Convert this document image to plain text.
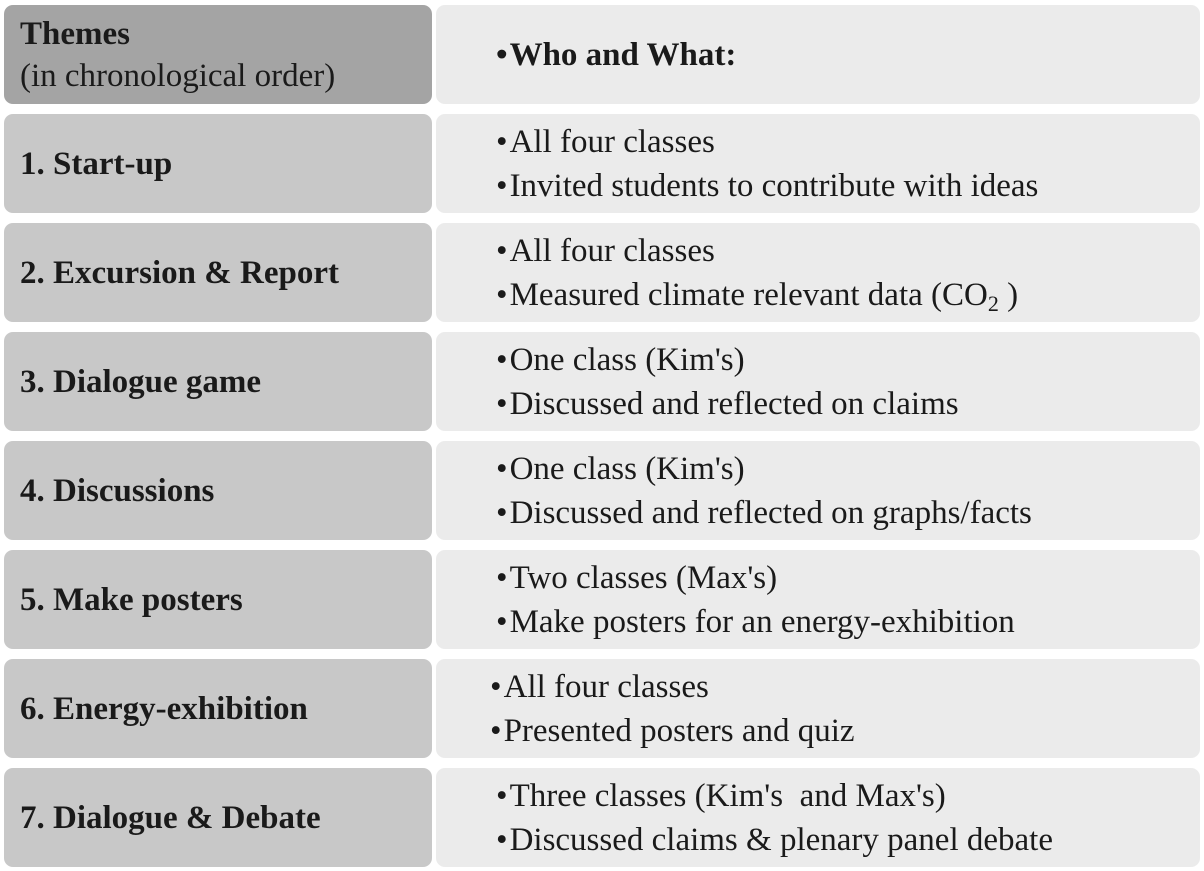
Themes
(in chronological order)
•Who and What:
1. Start-up
•All four classes
•Invited students to contribute with ideas
2. Excursion & Report
•All four classes
•Measured climate relevant data ($CO_2$ )
3. Dialogue game
•One class (Kim's)
•Discussed and reflected on claims
4. Discussions
•One class (Kim's)
•Discussed and reflected on graphs/facts
5. Make posters
•Two classes (Max's)
•Make posters for an energy-exhibition
6. Energy-exhibition
•All four classes
•Presented posters and quiz
7. Dialogue & Debate
•Three classes (Kim's  and Max's)
•Discussed claims & plenary panel debate
